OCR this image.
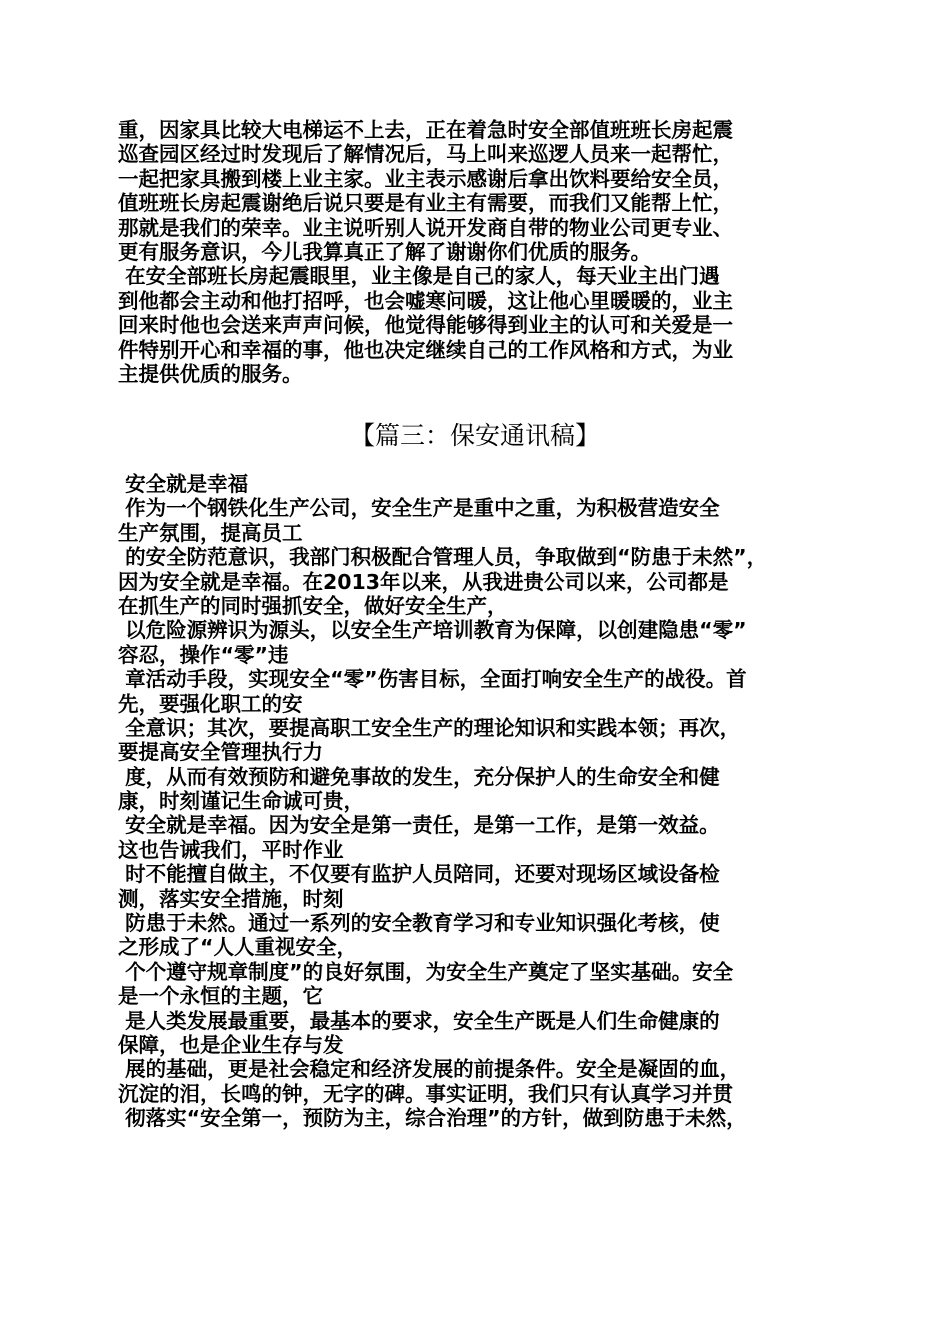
重，因家具比较大电梯运不上去，正在着急时安全部值班班长房起震
巡查园区经过时发现后了解情况后，马上叫来巡逻人员来一起帮忙，
一起把家具搬到楼上业主家。业主表示感谢后拿出饮料要给安全员，
值班班长房起震谢绝后说只要是有业主有需要，而我们又能帮上忙，
那就是我们的荣幸。业主说听别人说开发商自带的物业公司更专业、
更有服务意识，今儿我算真正了解了谢谢你们优质的服务。
在安全部班长房起震眼里，业主像是自己的家人，每天业主出门遇
到他都会主动和他打招呼，也会嘘寒问暖，这让他心里暖暖的，业主
回来时他也会送来声声问候，他觉得能够得到业主的认可和关爱是一
件特别开心和幸福的事，他也决定继续自己的工作风格和方式，为业
主提供优质的服务。
【篇三：保安通讯稿】
安全就是幸福
作为一个钢铁化生产公司，安全生产是重中之重，为积极营造安全
生产氛围，提高员工
的安全防范意识，我部门积极配合管理人员，争取做到“防患于未然”，
因为安全就是幸福。在2013年以来，从我进贵公司以来，公司都是
在抓生产的同时强抓安全，做好安全生产，
以危险源辨识为源头，以安全生产培训教育为保障，以创建隐患“零”
容忍，操作“零”违
章活动手段，实现安全“零”伤害目标，全面打响安全生产的战役。首
先，要强化职工的安
全意识；其次，要提高职工安全生产的理论知识和实践本领；再次，
要提高安全管理执行力
度，从而有效预防和避免事故的发生，充分保护人的生命安全和健
康，时刻谨记生命诚可贵，
安全就是幸福。因为安全是第一责任，是第一工作，是第一效益。
这也告诫我们，平时作业
时不能擅自做主，不仅要有监护人员陪同，还要对现场区域设备检
测，落实安全措施，时刻
防患于未然。通过一系列的安全教育学习和专业知识强化考核，使
之形成了“人人重视安全，
个个遵守规章制度”的良好氛围，为安全生产奠定了坚实基础。安全
是一个永恒的主题，它
是人类发展最重要，最基本的要求，安全生产既是人们生命健康的
保障，也是企业生存与发
展的基础，更是社会稳定和经济发展的前提条件。安全是凝固的血，
沉淀的泪，长鸣的钟，无字的碑。事实证明，我们只有认真学习并贯
彻落实“安全第一，预防为主，综合治理”的方针，做到防患于未然，
